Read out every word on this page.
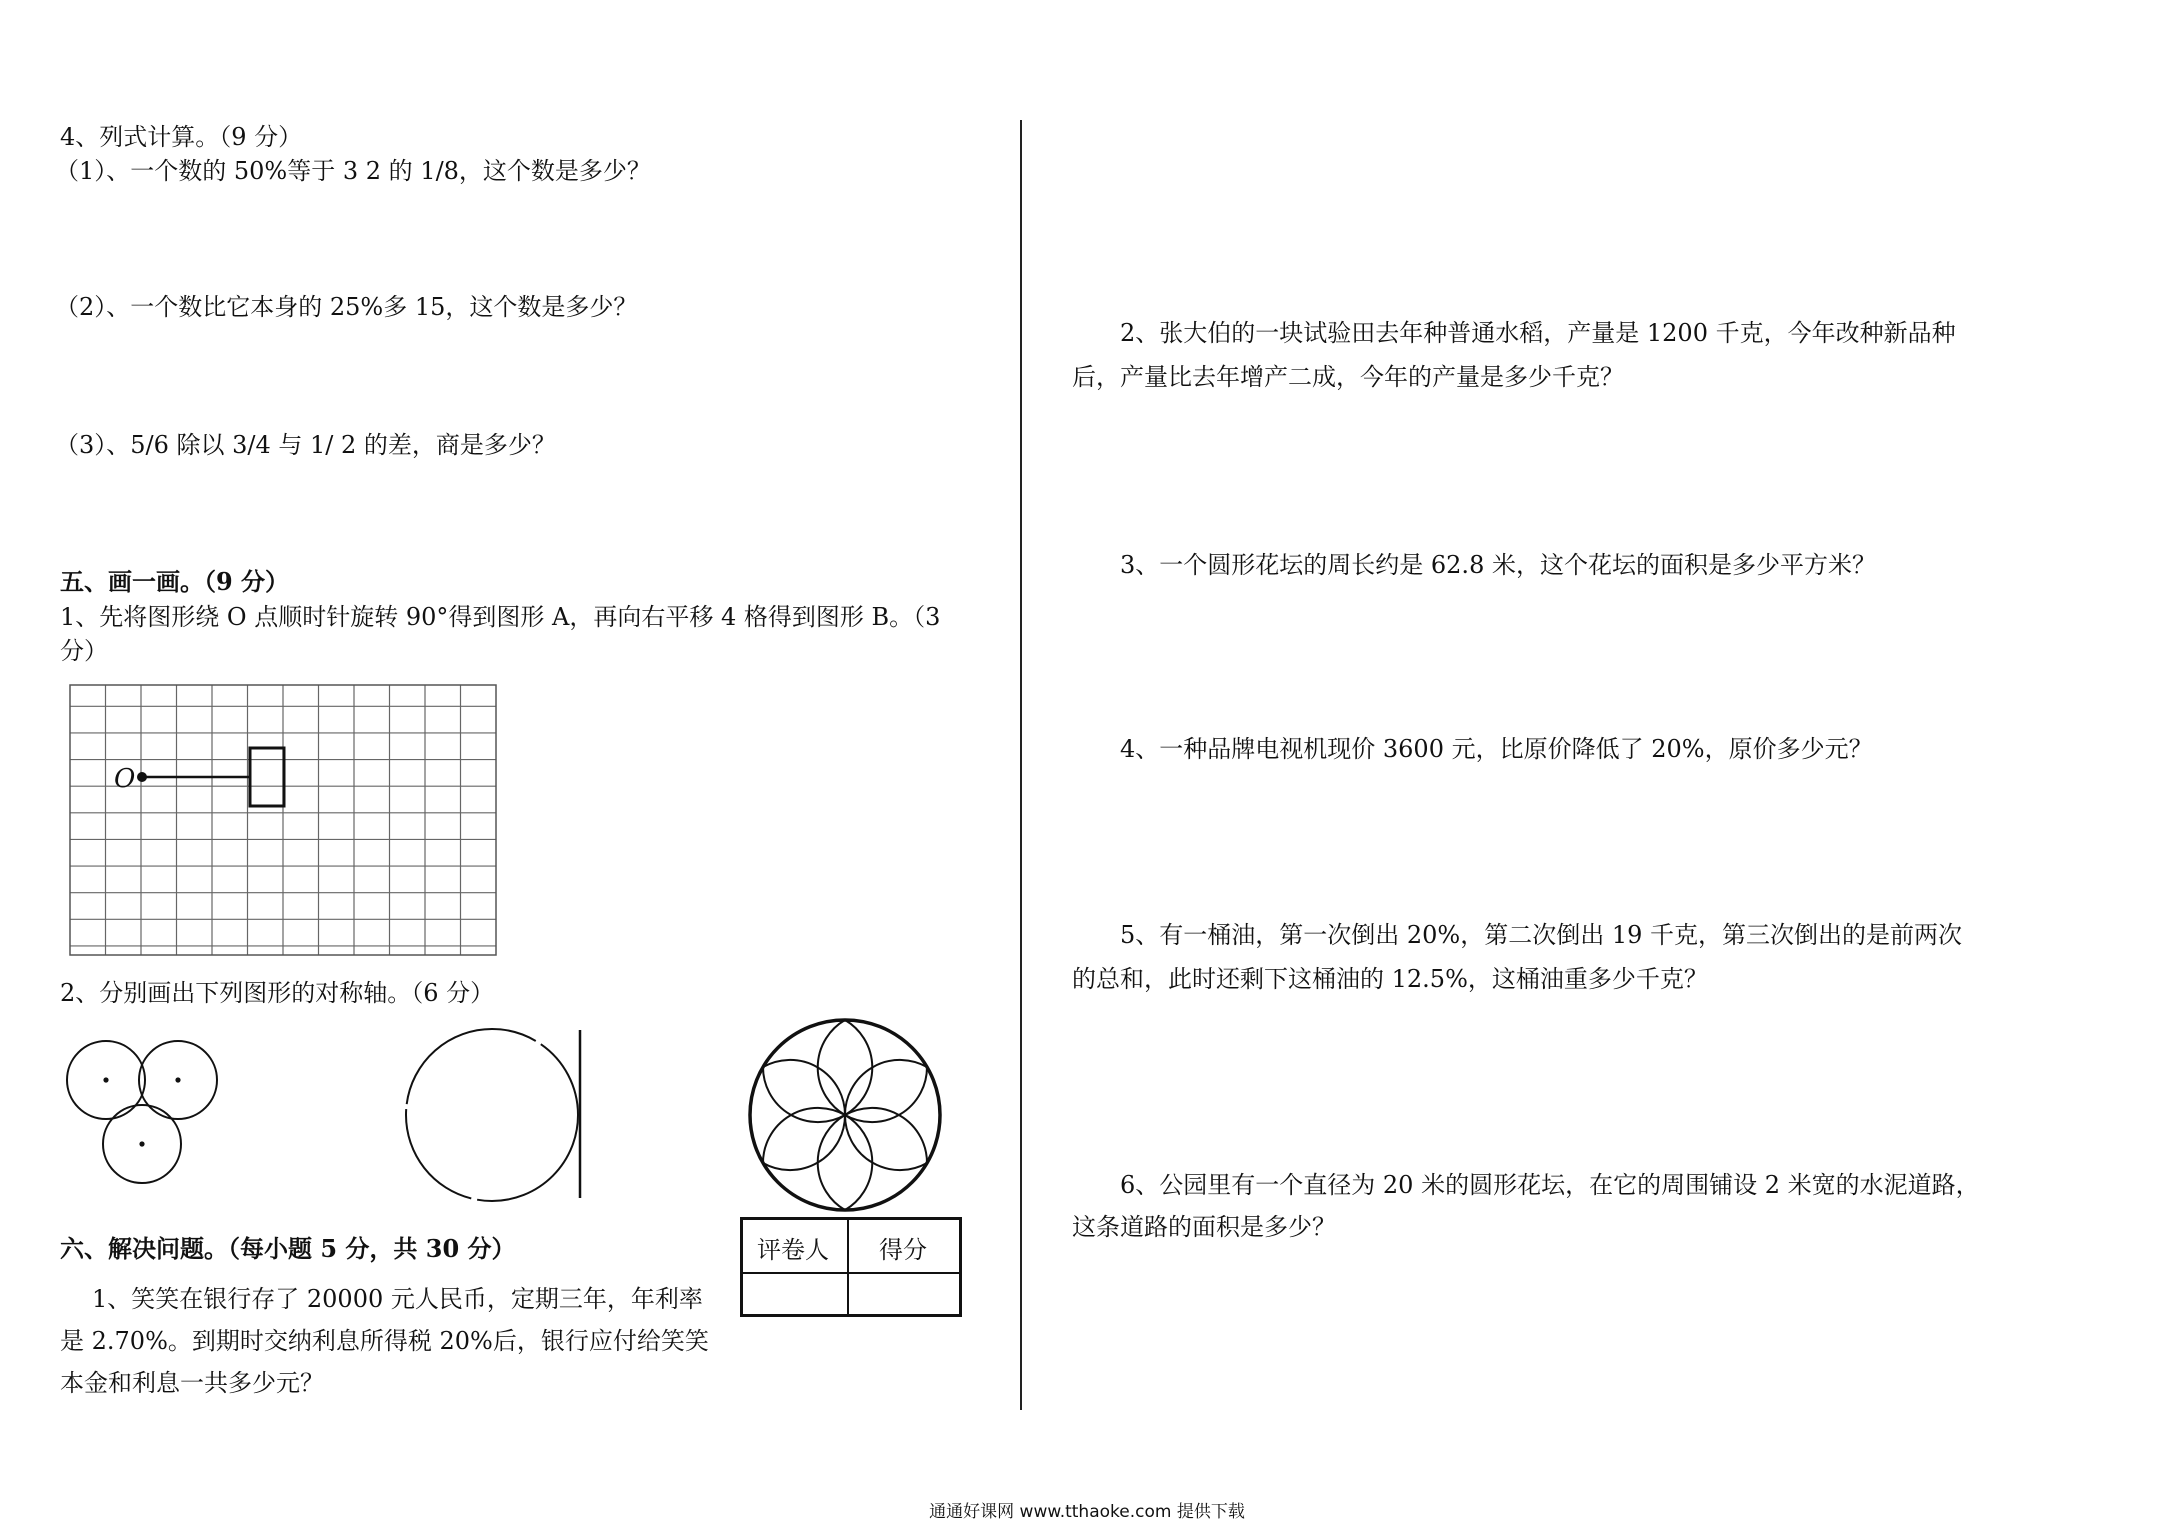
4、列式计算。（9 分）
（1）、一个数的 50%等于 3 2 的 1/8，这个数是多少？
（2）、一个数比它本身的 25%多 15，这个数是多少？
（3）、5/6 除以 3/4 与 1/ 2 的差，商是多少？
五、画一画。（9 分）
1、先将图形绕 O 点顺时针旋转 90°得到图形 A，再向右平移 4 格得到图形 B。（3
分）
O
2、分别画出下列图形的对称轴。（6 分）
六、解决问题。（每小题 5 分，共 30 分）	评卷人 得分
1、笑笑在银行存了 20000 元人民币，定期三年，年利率
是 2.70%。到期时交纳利息所得税 20%后，银行应付给笑笑
本金和利息一共多少元？
2、张大伯的一块试验田去年种普通水稻，产量是 1200 千克，今年改种新品种
后，产量比去年增产二成，今年的产量是多少千克？
3、一个圆形花坛的周长约是 62.8 米，这个花坛的面积是多少平方米？
4、一种品牌电视机现价 3600 元，比原价降低了 20%，原价多少元？
5、有一桶油，第一次倒出 20%，第二次倒出 19 千克，第三次倒出的是前两次
的总和，此时还剩下这桶油的 12.5%，这桶油重多少千克？
6、公园里有一个直径为 20 米的圆形花坛，在它的周围铺设 2 米宽的水泥道路，
这条道路的面积是多少？
通通好课网 www.tthaoke.com 提供下载
